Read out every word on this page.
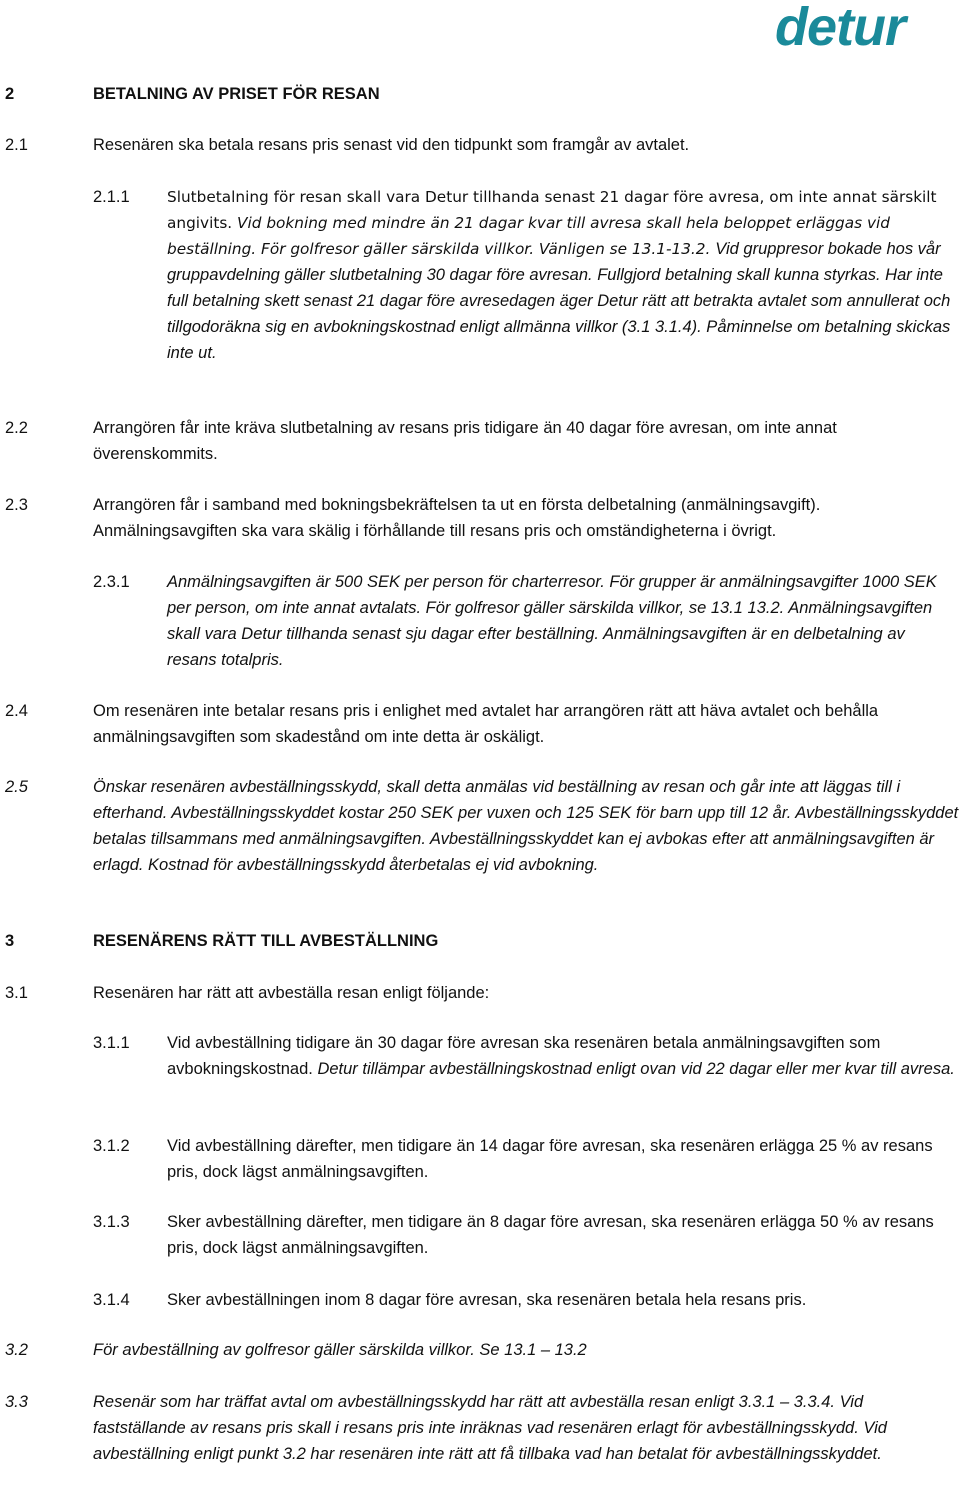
detur
2	BETALNING AV PRISET FÖR RESAN
2.1	Resenären ska betala resans pris senast vid den tidpunkt som framgår av avtalet.
2.1.1 Slutbetalning för resan skall vara Detur tillhanda senast 21 dagar före avresa, om inte annat särskilt angivits. Vid bokning med mindre än 21 dagar kvar till avresa skall hela beloppet erläggas vid beställning. För golfresor gäller särskilda villkor. Vänligen se 13.1-13.2. Vid gruppresor bokade hos vår gruppavdelning gäller slutbetalning 30 dagar före avresan. Fullgjord betalning skall kunna styrkas. Har inte full betalning skett senast 21 dagar före avresedagen äger Detur rätt att betrakta avtalet som annullerat och tillgodoräkna sig en avbokningskostnad enligt allmänna villkor (3.1 3.1.4). Påminnelse om betalning skickas inte ut.
2.2	Arrangören får inte kräva slutbetalning av resans pris tidigare än 40 dagar före avresan, om inte annat överenskommits.
2.3	Arrangören får i samband med bokningsbekräftelsen ta ut en första delbetalning (anmälningsavgift). Anmälningsavgiften ska vara skälig i förhållande till resans pris och omständigheterna i övrigt.
2.3.1 Anmälningsavgiften är 500 SEK per person för charterresor. För grupper är anmälningsavgifter 1000 SEK per person, om inte annat avtalats. För golfresor gäller särskilda villkor, se 13.1 13.2. Anmälningsavgiften skall vara Detur tillhanda senast sju dagar efter beställning. Anmälningsavgiften är en delbetalning av resans totalpris.
2.4	Om resenären inte betalar resans pris i enlighet med avtalet har arrangören rätt att häva avtalet och behålla anmälningsavgiften som skadestånd om inte detta är oskäligt.
2.5	Önskar resenären avbeställningsskydd, skall detta anmälas vid beställning av resan och går inte att läggas till i efterhand. Avbeställningsskyddet kostar 250 SEK per vuxen och 125 SEK för barn upp till 12 år. Avbeställningsskyddet betalas tillsammans med anmälningsavgiften. Avbeställningsskyddet kan ej avbokas efter att anmälningsavgiften är erlagd. Kostnad för avbeställningsskydd återbetalas ej vid avbokning.
3	RESENÄRENS RÄTT TILL AVBESTÄLLNING
3.1	Resenären har rätt att avbeställa resan enligt följande:
3.1.1 Vid avbeställning tidigare än 30 dagar före avresan ska resenären betala anmälningsavgiften som avbokningskostnad. Detur tillämpar avbeställningskostnad enligt ovan vid 22 dagar eller mer kvar till avresa.
3.1.2 Vid avbeställning därefter, men tidigare än 14 dagar före avresan, ska resenären erlägga 25 % av resans pris, dock lägst anmälningsavgiften.
3.1.3 Sker avbeställning därefter, men tidigare än 8 dagar före avresan, ska resenären erlägga 50 % av resans pris, dock lägst anmälningsavgiften.
3.1.4 Sker avbeställningen inom 8 dagar före avresan, ska resenären betala hela resans pris.
3.2	För avbeställning av golfresor gäller särskilda villkor. Se 13.1 – 13.2
3.3	Resenär som har träffat avtal om avbeställningsskydd har rätt att avbeställa resan enligt 3.3.1 – 3.3.4. Vid fastställande av resans pris skall i resans pris inte inräknas vad resenären erlagt för avbeställningsskydd. Vid avbeställning enligt punkt 3.2 har resenären inte rätt att få tillbaka vad han betalat för avbeställningsskyddet.
